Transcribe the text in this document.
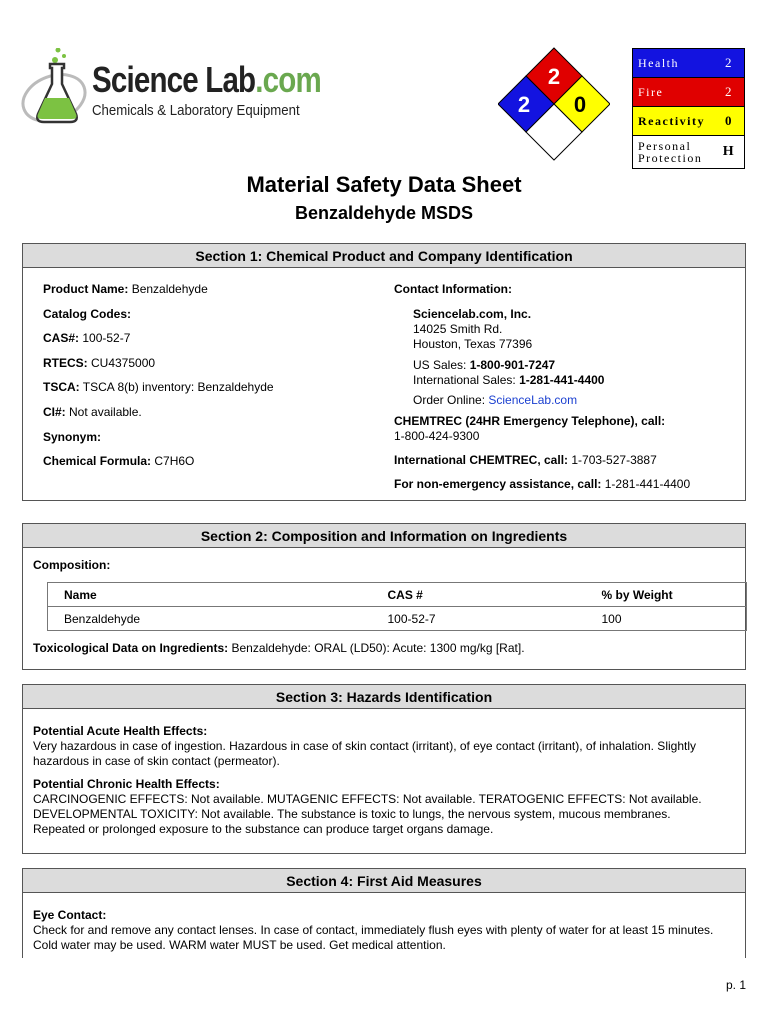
Science Lab.com
Chemicals & Laboratory Equipment
2
2 0
Health	2
Fire	2
Reactivity	0
Personal Protection	H
Material Safety Data Sheet
Benzaldehyde MSDS
Section 1: Chemical Product and Company Identification
Product Name: Benzaldehyde
Catalog Codes:
CAS#: 100-52-7
RTECS: CU4375000
TSCA: TSCA 8(b) inventory: Benzaldehyde
CI#: Not available.
Synonym:
Chemical Formula: C7H6O
Contact Information:
Sciencelab.com, Inc.
14025 Smith Rd.
Houston, Texas 77396
US Sales: 1-800-901-7247
International Sales: 1-281-441-4400
Order Online: ScienceLab.com
CHEMTREC (24HR Emergency Telephone), call:
1-800-424-9300
International CHEMTREC, call: 1-703-527-3887
For non-emergency assistance, call: 1-281-441-4400
Section 2: Composition and Information on Ingredients
Composition:
Name	CAS #	% by Weight
Benzaldehyde	100-52-7	100
Toxicological Data on Ingredients: Benzaldehyde: ORAL (LD50): Acute: 1300 mg/kg [Rat].
Section 3: Hazards Identification
Potential Acute Health Effects:
Very hazardous in case of ingestion. Hazardous in case of skin contact (irritant), of eye contact (irritant), of inhalation. Slightly hazardous in case of skin contact (permeator).
Potential Chronic Health Effects:
CARCINOGENIC EFFECTS: Not available. MUTAGENIC EFFECTS: Not available. TERATOGENIC EFFECTS: Not available.
DEVELOPMENTAL TOXICITY: Not available. The substance is toxic to lungs, the nervous system, mucous membranes.
Repeated or prolonged exposure to the substance can produce target organs damage.
Section 4: First Aid Measures
Eye Contact:
Check for and remove any contact lenses. In case of contact, immediately flush eyes with plenty of water for at least 15 minutes. Cold water may be used. WARM water MUST be used. Get medical attention.
p. 1
